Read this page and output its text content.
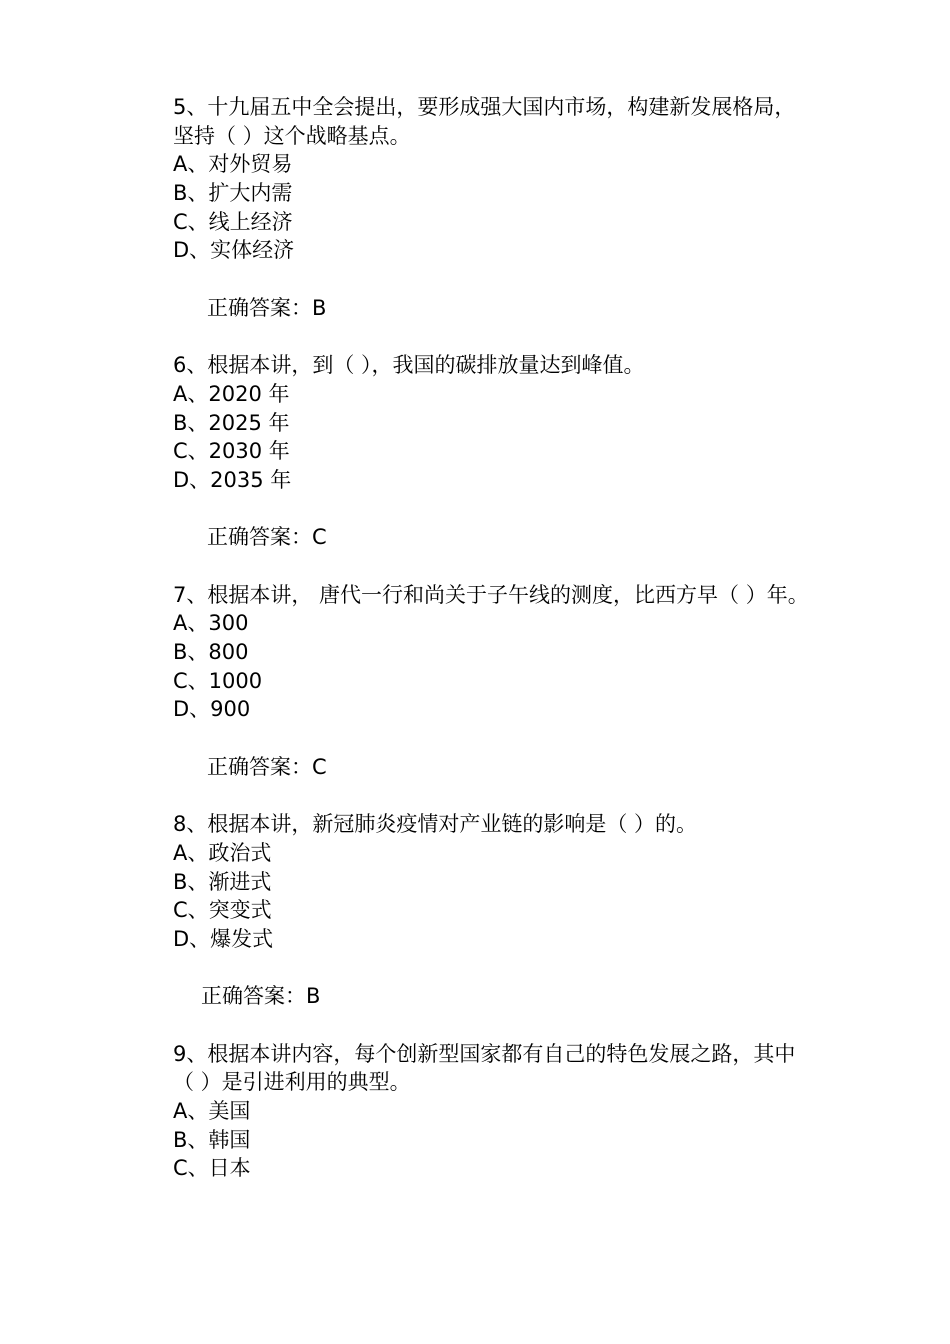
5、十九届五中全会提出，要形成强大国内市场，构建新发展格局，
坚持（ ）这个战略基点。
A、对外贸易
B、扩大内需
C、线上经济
D、实体经济
正确答案：B
6、根据本讲，到（ ），我国的碳排放量达到峰值。
A、2020 年
B、2025 年
C、2030 年
D、2035 年
正确答案：C
7、根据本讲， 唐代一行和尚关于子午线的测度，比西方早（ ）年。
A、300
B、800
C、1000
D、900
正确答案：C
8、根据本讲，新冠肺炎疫情对产业链的影响是（ ）的。
A、政治式
B、渐进式
C、突变式
D、爆发式
正确答案：B
9、根据本讲内容，每个创新型国家都有自己的特色发展之路，其中
（ ）是引进利用的典型。
A、美国
B、韩国
C、日本
